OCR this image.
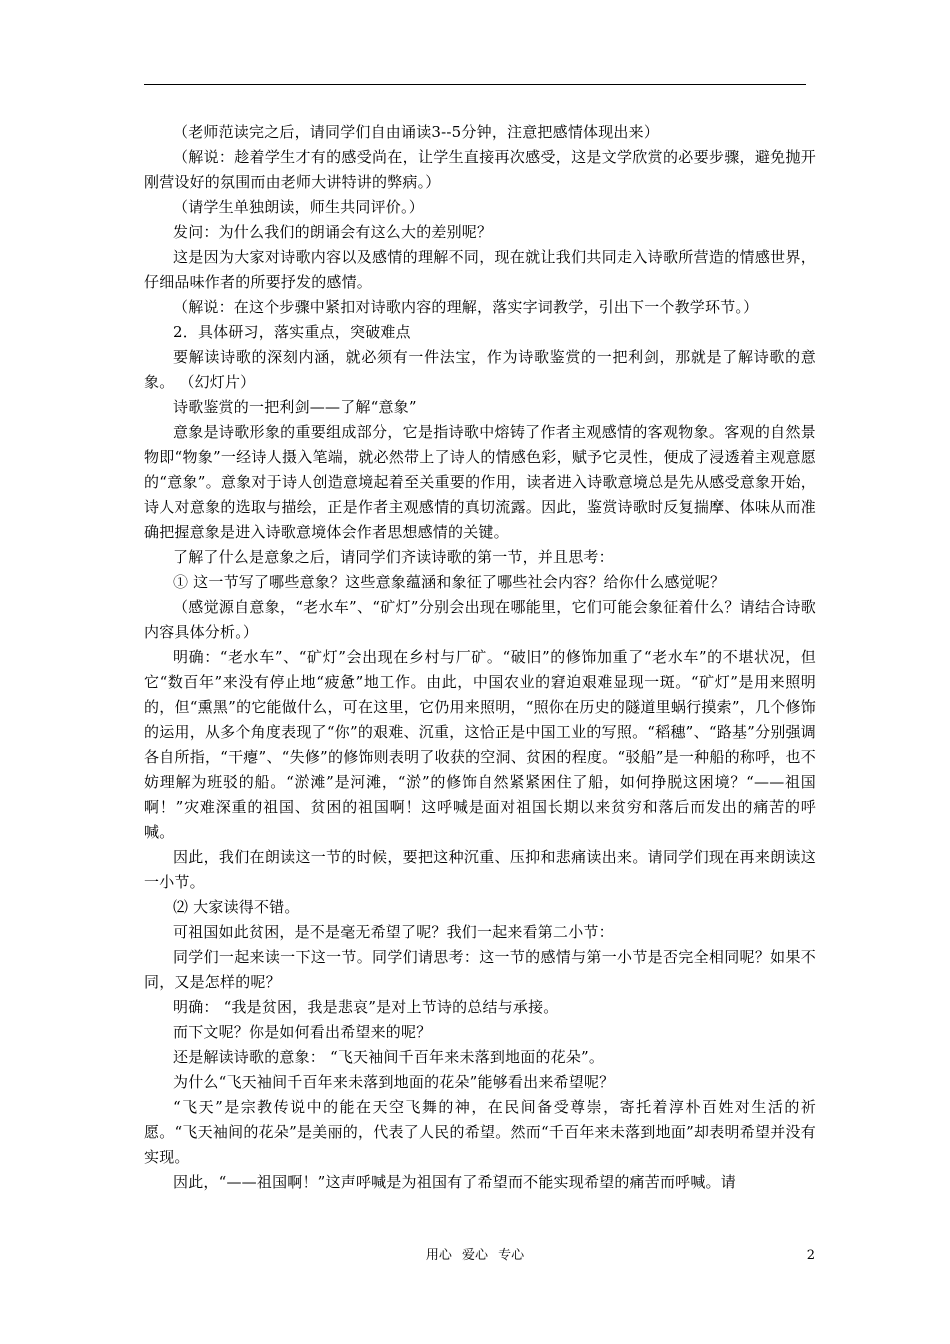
（老师范读完之后，请同学们自由诵读3--5分钟，注意把感情体现出来）

（解说：趁着学生才有的感受尚在，让学生直接再次感受，这是文学欣赏的必要步骤，避免抛开刚营设好的氛围而由老师大讲特讲的弊病。）

（请学生单独朗读，师生共同评价。）

发问：为什么我们的朗诵会有这么大的差别呢？

这是因为大家对诗歌内容以及感情的理解不同，现在就让我们共同走入诗歌所营造的情感世界，仔细品味作者的所要抒发的感情。

（解说：在这个步骤中紧扣对诗歌内容的理解，落实字词教学，引出下一个教学环节。）

2．具体研习，落实重点，突破难点

要解读诗歌的深刻内涵，就必须有一件法宝，作为诗歌鉴赏的一把利剑，那就是了解诗歌的意象。 （幻灯片）

诗歌鉴赏的一把利剑——了解“意象”

意象是诗歌形象的重要组成部分，它是指诗歌中熔铸了作者主观感情的客观物象。客观的自然景物即“物象”一经诗人摄入笔端，就必然带上了诗人的情感色彩，赋予它灵性，便成了浸透着主观意愿的“意象”。意象对于诗人创造意境起着至关重要的作用，读者进入诗歌意境总是先从感受意象开始，诗人对意象的选取与描绘，正是作者主观感情的真切流露。因此，鉴赏诗歌时反复揣摩、体味从而准确把握意象是进入诗歌意境体会作者思想感情的关键。

了解了什么是意象之后，请同学们齐读诗歌的第一节，并且思考：

① 这一节写了哪些意象？这些意象蕴涵和象征了哪些社会内容？给你什么感觉呢？

（感觉源自意象，“老水车”、“矿灯”分别会出现在哪能里，它们可能会象征着什么？请结合诗歌内容具体分析。）

明确：“老水车”、“矿灯”会出现在乡村与厂矿。“破旧”的修饰加重了“老水车”的不堪状况，但它“数百年”来没有停止地“疲惫”地工作。由此，中国农业的窘迫艰难显现一斑。“矿灯”是用来照明的，但“熏黑”的它能做什么，可在这里，它仍用来照明，“照你在历史的隧道里蜗行摸索”，几个修饰的运用，从多个角度表现了“你”的艰难、沉重，这恰正是中国工业的写照。“稻穗”、“路基”分别强调各自所指，“干瘪”、“失修”的修饰则表明了收获的空洞、贫困的程度。“驳船”是一种船的称呼，也不妨理解为班驳的船。“淤滩”是河滩，“淤”的修饰自然紧紧困住了船，如何挣脱这困境？“——祖国啊！”灾难深重的祖国、贫困的祖国啊！这呼喊是面对祖国长期以来贫穷和落后而发出的痛苦的呼喊。

因此，我们在朗读这一节的时候，要把这种沉重、压抑和悲痛读出来。请同学们现在再来朗读这一小节。

⑵ 大家读得不错。

可祖国如此贫困，是不是毫无希望了呢？我们一起来看第二小节：

同学们一起来读一下这一节。同学们请思考：这一节的感情与第一小节是否完全相同呢？如果不同，又是怎样的呢？

明确： “我是贫困，我是悲哀”是对上节诗的总结与承接。

而下文呢？你是如何看出希望来的呢？

还是解读诗歌的意象： “飞天袖间千百年来未落到地面的花朵”。

为什么“飞天袖间千百年来未落到地面的花朵”能够看出来希望呢？

“飞天”是宗教传说中的能在天空飞舞的神，在民间备受尊崇，寄托着淳朴百姓对生活的祈愿。“飞天袖间的花朵”是美丽的，代表了人民的希望。然而“千百年来未落到地面”却表明希望并没有实现。

因此，“——祖国啊！”这声呼喊是为祖国有了希望而不能实现希望的痛苦而呼喊。请

用心 爱心 专心	2
